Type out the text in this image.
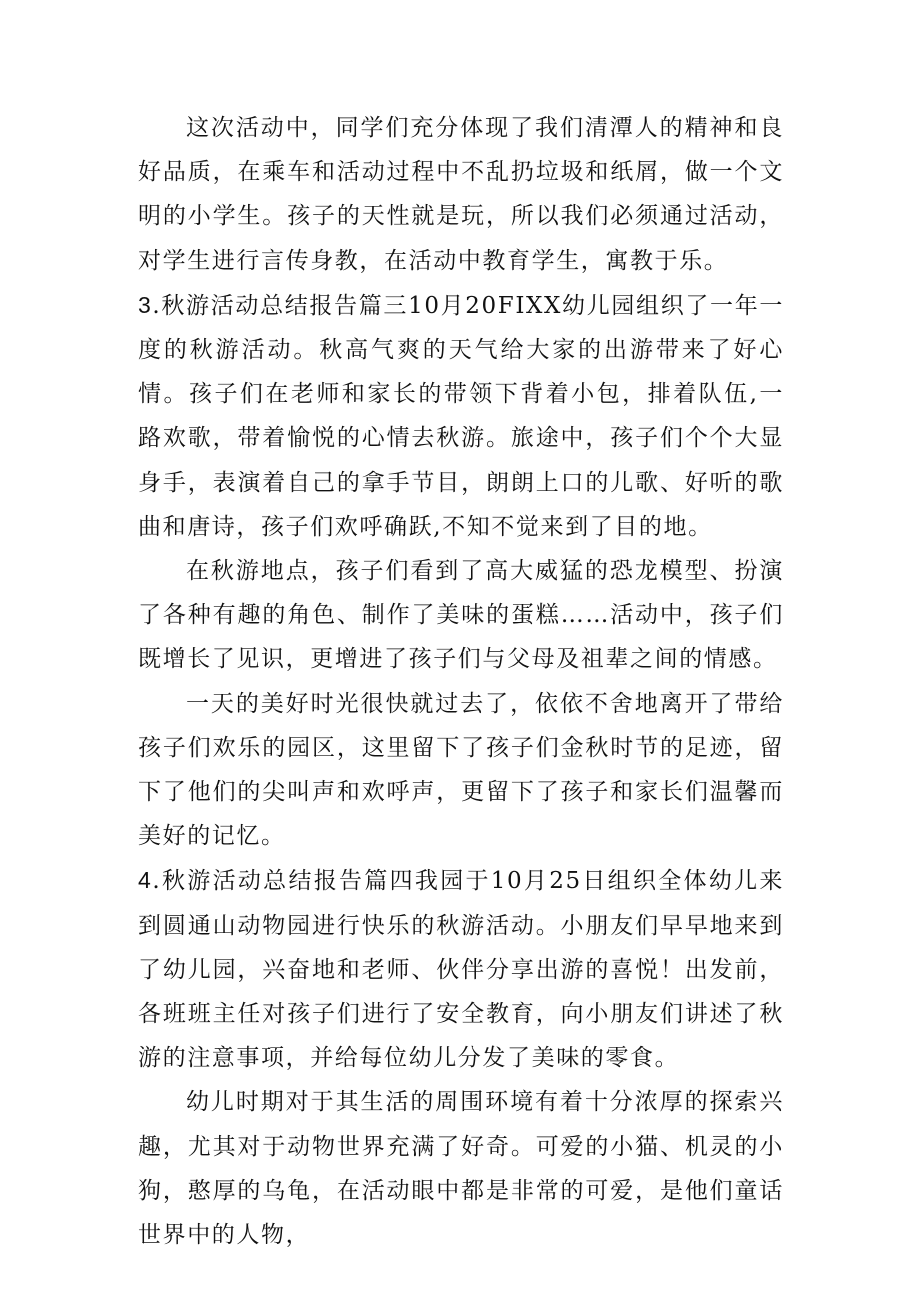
这次活动中，同学们充分体现了我们清潭人的精神和良好品质，在乘车和活动过程中不乱扔垃圾和纸屑，做一个文明的小学生。孩子的天性就是玩，所以我们必须通过活动，对学生进行言传身教，在活动中教育学生，寓教于乐。

3.秋游活动总结报告篇三10月20FIXX幼儿园组织了一年一度的秋游活动。秋高气爽的天气给大家的出游带来了好心情。孩子们在老师和家长的带领下背着小包，排着队伍,一路欢歌，带着愉悦的心情去秋游。旅途中，孩子们个个大显身手，表演着自己的拿手节目，朗朗上口的儿歌、好听的歌曲和唐诗，孩子们欢呼确跃,不知不觉来到了目的地。

在秋游地点，孩子们看到了高大威猛的恐龙模型、扮演了各种有趣的角色、制作了美味的蛋糕……活动中，孩子们既增长了见识，更增进了孩子们与父母及祖辈之间的情感。

一天的美好时光很快就过去了，依依不舍地离开了带给孩子们欢乐的园区，这里留下了孩子们金秋时节的足迹，留下了他们的尖叫声和欢呼声，更留下了孩子和家长们温馨而美好的记忆。

4.秋游活动总结报告篇四我园于10月25日组织全体幼儿来到圆通山动物园进行快乐的秋游活动。小朋友们早早地来到了幼儿园，兴奋地和老师、伙伴分享出游的喜悦！出发前，各班班主任对孩子们进行了安全教育，向小朋友们讲述了秋游的注意事项，并给每位幼儿分发了美味的零食。

幼儿时期对于其生活的周围环境有着十分浓厚的探索兴趣，尤其对于动物世界充满了好奇。可爱的小猫、机灵的小狗，憨厚的乌龟，在活动眼中都是非常的可爱，是他们童话世界中的人物，
